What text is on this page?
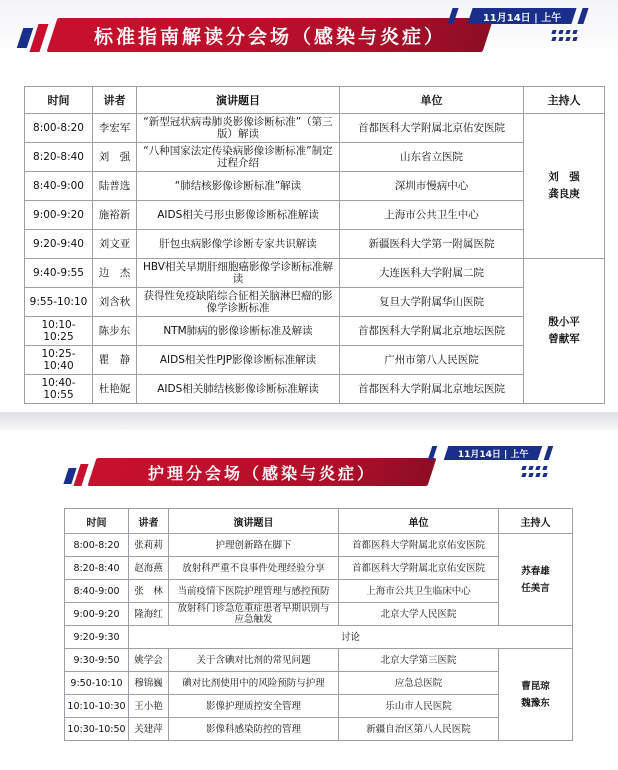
标准指南解读分会场（感染与炎症）
11月14日 | 上午
时间	讲者	演讲题目	单位	主持人
8:00-8:20	李宏军	“新型冠状病毒肺炎影像诊断标准”（第三版）解读	首都医科大学附属北京佑安医院	刘　强
龚良庚

8:20-8:40	刘　强	“八种国家法定传染病影像诊断标准”制定过程介绍	山东省立医院	
8:40-9:00	陆普选	“肺结核影像诊断标准”解读	深圳市慢病中心	
9:00-9:20	施裕新	AIDS相关弓形虫影像诊断标准解读	上海市公共卫生中心	
9:20-9:40	刘文亚	肝包虫病影像学诊断专家共识解读	新疆医科大学第一附属医院	
9:40-9:55	边　杰	HBV相关早期肝细胞癌影像学诊断标准解读	大连医科大学附属二院	殷小平
曾献军

9:55-10:10	刘含秋	获得性免疫缺陷综合征相关脑淋巴瘤的影像学诊断标准	复旦大学附属华山医院	
10:10-10:25	陈步东	NTM肺病的影像诊断标准及解读	首都医科大学附属北京地坛医院	
10:25-10:40	瞿　静	AIDS相关性PJP影像诊断标准解读	广州市第八人民医院	
10:40-10:55	杜艳妮	AIDS相关肺结核影像诊断标准解读	首都医科大学附属北京地坛医院	
护理分会场（感染与炎症）
11月14日 | 上午
时间	讲者	演讲题目	单位	主持人
8:00-8:20	张莉莉	护理创新路在脚下	首都医科大学附属北京佑安医院	苏春雄
任美言

8:20-8:40	赵海燕	放射科严重不良事件处理经验分享	首都医科大学附属北京佑安医院	
8:40-9:00	张　林	当前疫情下医院护理管理与感控预防	上海市公共卫生临床中心	
9:00-9:20	隆海红	放射科门诊急危重症患者早期识别与应急触发	北京大学人民医院	
9:20-9:30	讨论			
9:30-9:50	姚学会	关于含碘对比剂的常见问题	北京大学第三医院	曹昆琼
魏豫东

9:50-10:10	穆锦巍	碘对比剂使用中的风险预防与护理	应急总医院	
10:10-10:30	王小艳	影像护理质控安全管理	乐山市人民医院	
10:30-10:50	关建萍	影像科感染防控的管理	新疆自治区第八人民医院	
